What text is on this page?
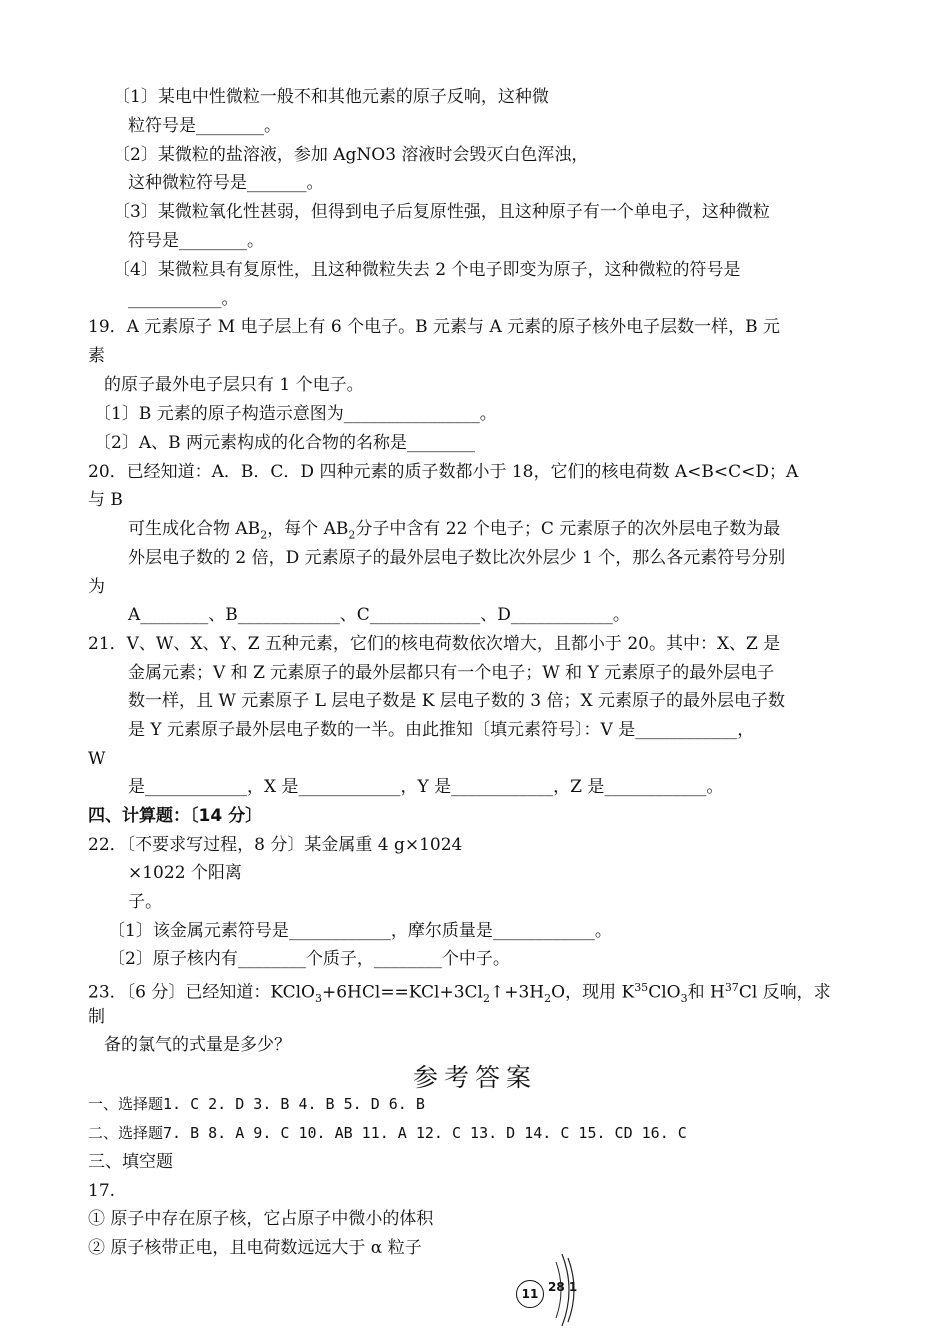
〔1〕某电中性微粒一般不和其他元素的原子反响，这种微
粒符号是________。
〔2〕某微粒的盐溶液，参加 AgNO3 溶液时会毁灭白色浑浊，
这种微粒符号是_______。
〔3〕某微粒氧化性甚弱，但得到电子后复原性强，且这种原子有一个单电子，这种微粒
符号是________。
〔4〕某微粒具有复原性，且这种微粒失去 2 个电子即变为原子，这种微粒的符号是
___________。
19．A 元素原子 M 电子层上有 6 个电子。B 元素与 A 元素的原子核外电子层数一样，B 元
素
的原子最外电子层只有 1 个电子。
〔1〕B 元素的原子构造示意图为________________。
〔2〕A、B 两元素构成的化合物的名称是________
20．已经知道：A．B．C．D 四种元素的质子数都小于 18，它们的核电荷数 A<B<C<D；A
与 B
可生成化合物 $AB_2$，每个 $AB_2$分子中含有 22 个电子；C 元素原子的次外层电子数为最
外层电子数的 2 倍，D 元素原子的最外层电子数比次外层少 1 个，那么各元素符号分别
为
A________、B____________、C_____________、D____________。
21．V、W、X、Y、Z 五种元素，它们的核电荷数依次增大，且都小于 20。其中：X、Z 是
金属元素；V 和 Z 元素原子的最外层都只有一个电子；W 和 Y 元素原子的最外层电子
数一样，且 W 元素原子 L 层电子数是 K 层电子数的 3 倍；X 元素原子的最外层电子数
是 Y 元素原子最外层电子数的一半。由此推知〔填元素符号〕：V 是____________，
W
是____________，X 是____________，Y 是____________，Z 是____________。
四、计算题：〔14 分〕
22．〔不要求写过程，8 分〕某金属重 4 g×1024
×1022 个阳离
子。
〔1〕该金属元素符号是____________，摩尔质量是____________。
〔2〕原子核内有________个质子，________个中子。
23．〔6 分〕已经知道：$KClO_3+6HCl==KCl+3Cl_2↑+3H_2O$，现用 $K^{35}ClO_3$和 $H^{37}Cl$ 反响，求
制
备的氯气的式量是多少？
参考答案
一、选择题1. C 2. D 3. B 4. B 5. D 6. B
二、选择题7. B 8. A 9. C 10. AB 11. A 12. C 13. D 14. C 15. CD 16. C
三、填空题
17.
① 原子中存在原子核，它占原子中微小的体积
② 原子核带正电，且电荷数远远大于 α 粒子
11 28 1
